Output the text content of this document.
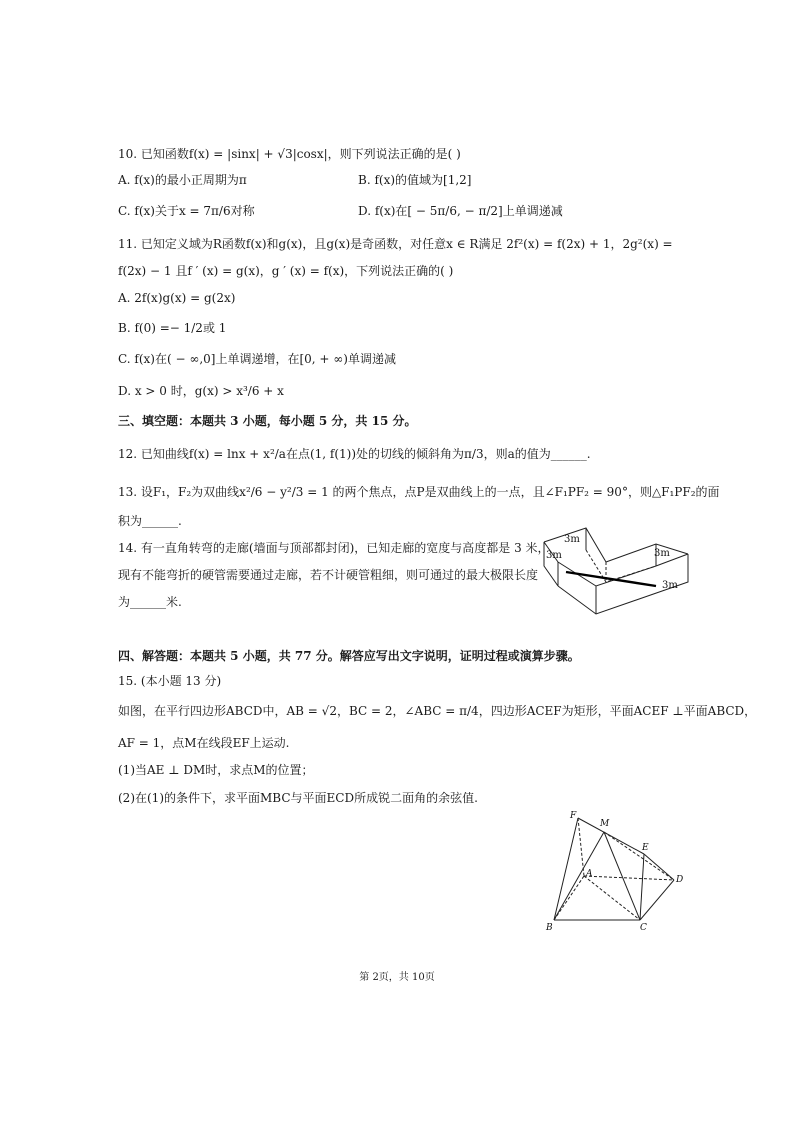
10. 已知函数f(x) = |sinx| + √3|cosx|，则下列说法正确的是( )
A. f(x)的最小正周期为π	B. f(x)的值域为[1,2]
C. f(x)关于x = 7π/6对称	D. f(x)在[ − 5π/6, − π/2]上单调递减
11. 已知定义域为R函数f(x)和g(x)，且g(x)是奇函数，对任意x ∈ R满足 2f²(x) = f(2x) + 1，2g²(x) =
f(2x) − 1 且f ′ (x) = g(x)，g ′ (x) = f(x)，下列说法正确的( )
A. 2f(x)g(x) = g(2x)
B. f(0) =− 1/2或 1
C. f(x)在( − ∞,0]上单调递增，在[0, + ∞)单调递减
D. x > 0 时，g(x) > x³/6 + x
三、填空题：本题共 3 小题，每小题 5 分，共 15 分。
12. 已知曲线f(x) = lnx + x²/a在点(1, f(1))处的切线的倾斜角为π/3，则a的值为______.
13. 设F₁，F₂为双曲线x²/6 − y²/3 = 1 的两个焦点，点P是双曲线上的一点，且∠F₁PF₂ = 90°，则△F₁PF₂的面
积为______.
14. 有一直角转弯的走廊(墙面与顶部都封闭)，已知走廊的宽度与高度都是 3 米，
现有不能弯折的硬管需要通过走廊，若不计硬管粗细，则可通过的最大极限长度
为______米.
3m
3m	3m
3m
四、解答题：本题共 5 小题，共 77 分。解答应写出文字说明，证明过程或演算步骤。
15. (本小题 13 分)
如图，在平行四边形ABCD中，AB = √2，BC = 2，∠ABC = π/4，四边形ACEF为矩形，平面ACEF ⊥平面ABCD，
AF = 1，点M在线段EF上运动.
(1)当AE ⊥ DM时，求点M的位置；
(2)在(1)的条件下，求平面MBC与平面ECD所成锐二面角的余弦值.
F
M
E
A
D
B	C
第 2页，共 10页
